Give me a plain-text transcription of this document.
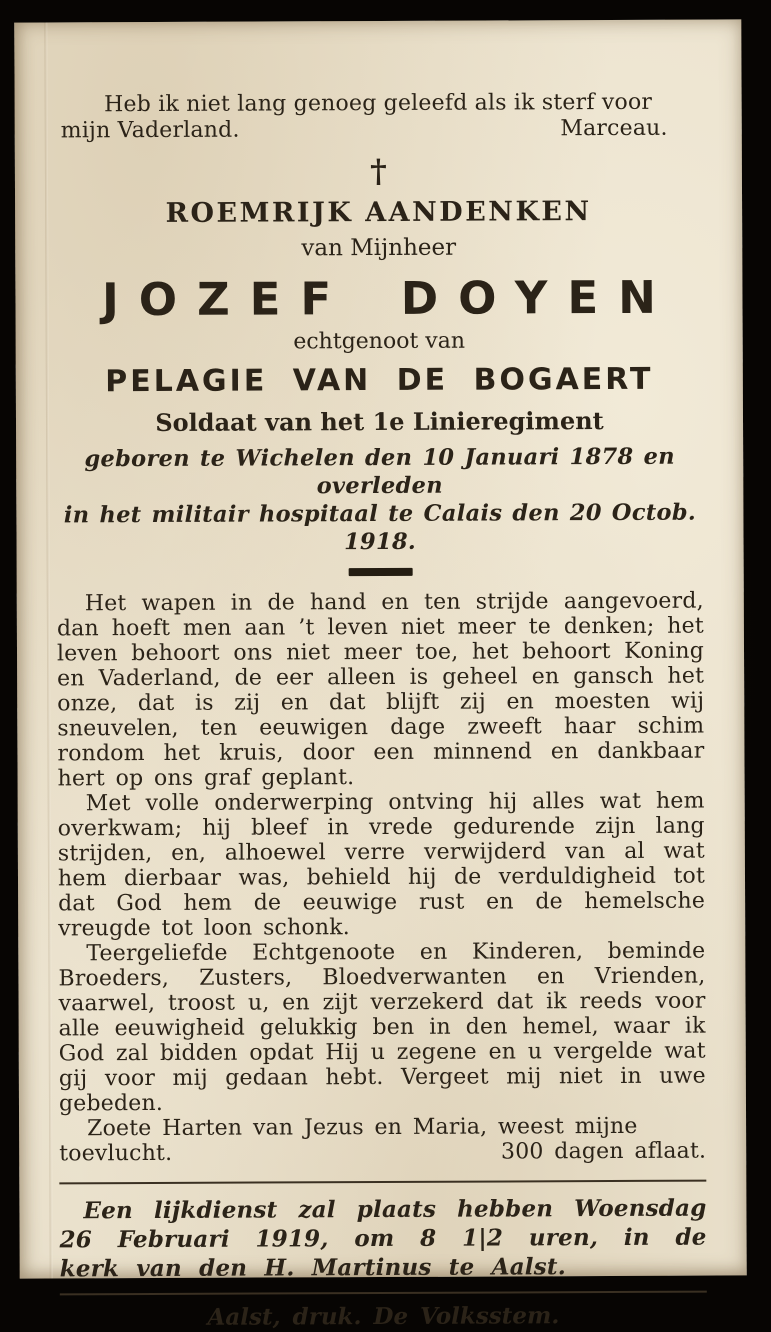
Heb ik niet lang genoeg geleefd als ik sterf voor
mijn Vaderland.	Marceau.
†
ROEMRIJK AANDENKEN
van Mijnheer
JOZEF DOYEN
echtgenoot van
PELAGIE VAN DE BOGAERT
Soldaat van het 1e Linieregiment
geboren te Wichelen den 10 Januari 1878 en overleden
in het militair hospitaal te Calais den 20 Octob. 1918.

Het wapen in de hand en ten strijde aangevoerd, dan hoeft men aan ’t leven niet meer te denken; het leven behoort ons niet meer toe, het behoort Koning en Vaderland, de eer alleen is geheel en gansch het onze, dat is zij en dat blijft zij en moesten wij sneuvelen, ten eeuwigen dage zweeft haar schim rondom het kruis, door een minnend en dankbaar hert op ons graf geplant.

Met volle onderwerping ontving hij alles wat hem overkwam; hij bleef in vrede gedurende zijn lang strijden, en, alhoewel verre verwijderd van al wat hem dierbaar was, behield hij de verduldigheid tot dat God hem de eeuwige rust en de hemelsche vreugde tot loon schonk.

Teergeliefde Echtgenoote en Kinderen, beminde Broeders, Zusters, Bloedverwanten en Vrienden, vaarwel, troost u, en zijt verzekerd dat ik reeds voor alle eeuwigheid gelukkig ben in den hemel, waar ik God zal bidden opdat Hij u zegene en u vergelde wat gij voor mij gedaan hebt. Vergeet mij niet in uwe gebeden.

Zoete Harten van Jezus en Maria, weest mijne
toevlucht.	300 dagen aflaat.

Een lijkdienst zal plaats hebben Woensdag 26 Februari 1919, om 8 1|2 uren, in de kerk van den H. Martinus te Aalst.

Aalst, druk. De Volksstem.
